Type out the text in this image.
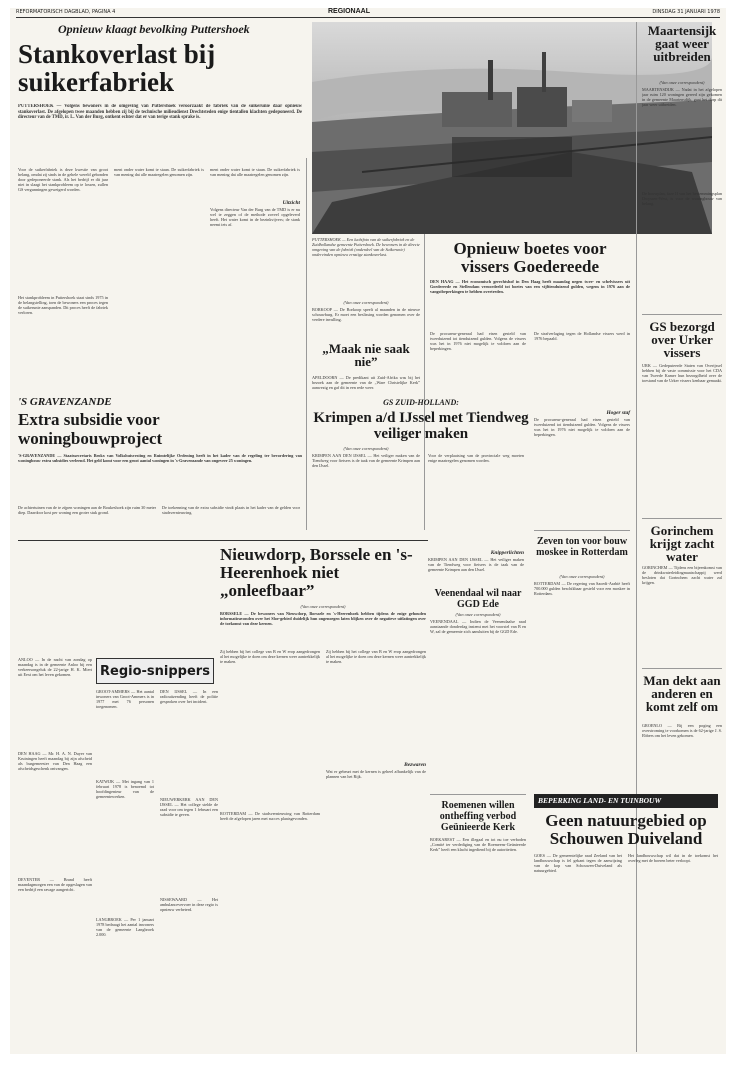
REFORMATORISCH DAGBLAD, PAGINA 4	REGIONAAL	DINSDAG 31 JANUARI 1978
Opnieuw klaagt bevolking Puttershoek
Stankoverlast bij suikerfabriek
PUTTERSHOEK — Volgens bewoners in de omgeving van Puttershoek veroorzaakt de fabriek van de suikerunie daar opnieuw stankoverlast. De afgelopen twee maanden hebben zij bij de technische milieudienst Drechtsteden enige tientallen klachten gedeponeerd. De directeur van de TMD, ir. L. Van der Burg, ontkent echter dat er van terige stank sprake is.
Voor de suikerfabriek is deze kwestie van groot belang, omdat zij sinds in de gehele wereld gebonden door gedeponeerde stank. Als het bedrijf er dit jaar niet in slaagt het stankprobleem op te lossen, zullen GS vergunningen geweigerd worden.
Het stankprobleem in Puttershoek staat sinds 1975 in de belangstelling, toen de bewoners een proces tegen de suikerunie aanspanden. Dit proces heeft de fabriek verloren.
ment onder water komt te staan. De suikerfabriek is van mening dat alle maatregelen genomen zijn.
ment onder water komt te staan. De suikerfabriek is van mening dat alle maatregelen genomen zijn.
Uitzicht
Volgens directeur Van der Burg van de TMD is er nu wel te zeggen of de methode zoveel opgeleverd heeft. Het water komt in de bezinkvijvers; de stank neemt iets af.
„Maak nie saak nie”
APELDOORN — De predikant uit Zuid-Afrika was bij het bezoek aan de gemeente van de „Ware Christelijke Kerk” aanwezig en gaf dit in een rede weer.
PUTTERSHOEK — Een luchtfoto van de suikerfabriek en de Zuidhollandse gemeente Puttershoek. De bewoners in de directe omgeving van de fabriek (onderdeel van de Suikerunie) ondervinden opnieuw ernstige stankoverlast.
(Van onze correspondent)
BORKOOP — De Borkoop speelt al maanden in de nieuwe schouwburg. Er moet een beslissing worden genomen over de verdere invulling.
Opnieuw boetes voor vissers Goedereede
DEN HAAG — Het economisch gerechtshof in Den Haag heeft maandag negen twee- en schelvissers uit Goedereede en Stellendam veroordeeld tot boetes van een vijftienduizend gulden, wegens in 1976 aan de vangstbeperkingen te hebben overtreden.
De procureur-generaal had eisen gesteld van tweeduizend tot tienduizend gulden. Volgens de vissers was het in 1976 niet mogelijk te voldoen aan de beperkingen.
Hoger staf
De strafverlaging tegen de Hollandse vissers werd in 1976 bepaald.
De procureur-generaal had eisen gesteld van tweeduizend tot tienduizend gulden. Volgens de vissers was het in 1976 niet mogelijk te voldoen aan de beperkingen.
Maartensijk gaat weer uitbreiden
(Van onze correspondent)
MAARTENSDIJK — Nadat in het afgelopen jaar ruim 120 woningen gereed zijn gekomen in de gemeente Maartensdijk, gaat het dorp dit jaar weer uitbreiden.
De bouwplan, faze II van het bestemmingsplan Dwyssen-West, is voor de woningbouw van belang.
GS bezorgd over Urker vissers
URK — Gedeputeerde Staten van Overijssel hebben bij de vaste commissie voor het CDA van Tweede Kamer hun bezorgdheid over de toestand van de Urker vissers kenbaar gemaakt.
Gorinchem krijgt zacht water
GORINCHEM — Tijdens een bijeenkomst van de drinkwaterleidingmaatschappij werd besloten dat Gorinchem zacht water zal krijgen.
Man dekt aan anderen en komt zelf om
GROENLO — Bij een poging een overstroming te voorkomen is de 62-jarige J. S. Ebbers om het leven gekomen.
Zeven ton voor bouw moskee in Rotterdam
(Van onze correspondent)
ROTTERDAM — De regering van Saoedi-Arabië heeft 700.000 gulden beschikbaar gesteld voor een moskee in Rotterdam.
'S GRAVENZANDE
Extra subsidie voor woningbouwproject
'S-GRAVENZANDE — Staatssecretaris Brokx van Volkshuisvesting en Ruimtelijke Ordening heeft in het kader van de regeling ter bevordering van woningbouw extra subsidies verleend. Het geld komt voor een groot aantal woningen in 's-Gravenzande van ongeveer 25 woningen.
De achtertuinen van de te zijpen woningen aan de Boukeshoek zijn ruim 30 meter diep. Daardoor kost per woning een groter stuk grond.
De toekenning van de extra subsidie vindt plaats in het kader van de gelden voor stadsvernieuwing.
GS ZUID-HOLLAND:
Krimpen a/d IJssel met Tiendweg veiliger maken
(Van onze correspondent)
KRIMPEN AAN DEN IJSSEL — Het veiliger maken van de Tiendweg voor fietsers is de taak van de gemeente Krimpen aan den IJssel.
Knipperlichten
Voor de verplaatsing van de provinciale weg moeten enige maatregelen genomen worden.
KRIMPEN AAN DEN IJSSEL — Het veiliger maken van de Tiendweg voor fietsers is de taak van de gemeente Krimpen aan den IJssel.
Nieuwdorp, Borssele en 's-Heerenhoek niet „onleefbaar”
(Van onze correspondent)
BORSSELE — De bewoners van Nieuwdorp, Borssele en 's-Heerenhoek hebben tijdens de enige gehouden informatieavonden over het Sloe-gebied duidelijk hun ongenoegen laten blijken over de negatieve uitlatingen over de toekomst van deze kernen.
Zij hebben bij het college van B en W erop aangedrongen al het mogelijke te doen om deze kernen weer aantrekkelijk te maken.
Zij hebben bij het college van B en W erop aangedrongen al het mogelijke te doen om deze kernen weer aantrekkelijk te maken.
Bezwaren
Wat er gebeurt met de kernen is geheel afhankelijk van de plannen van het Rijk.
Veenendaal wil naar GGD Ede
(Van onze correspondent)
VEENENDAAL — Indien de Veenendaalse raad aanstaande donderdag instemt met het voorstel van B en W, zal de gemeente zich aansluiten bij de GGD Ede.
Roemenen willen ontheffing verbod Geünieerde Kerk
BOEKAREST — Een illegaal en tot nu toe verboden „Comité ter verdediging van de Roemeens-Geünieerde Kerk” heeft een klacht ingediend bij de autoriteiten.
Regio-snippers
ANLOO — In de nacht van zondag op maandag is in de gemeente Anloo bij een verkeersongeluk de 22-jarige H. K. Miert uit Eext om het leven gekomen.
DEN HAAG — Mr. H. A. N. Duyer van Kruiningen heeft maandag bij zijn afscheid als burgemeester van Den Haag een afscheidsgeschenk ontvangen.
DEVENTER — Brand heeft maandagmorgen een van de opgeslagen van een bedrijf een ravage aangericht.
GROOT-AMMERS — Het aantal inwoners van Groot-Ammers is in 1977 met 76 personen toegenomen.
KATWIJK — Met ingang van 1 februari 1978 is benoemd tot hoofdingenieur van de gemeentewerken.
LANGBROEK — Per 1 januari 1978 bedraagt het aantal inwoners van de gemeente Langbroek 2.000.
DEN IJSSEL — In een radiouitzending heeft de politie gesproken over het incident.
NIEUWERKERK AAN DEN IJSSEL — Het college stelde de raad voor om tegen 1 februari een subsidie te geven.
NISSEWAARD — Het ambulancevervoer in deze regio is opnieuw verbeterd.
ROTTERDAM — De stadsvernieuwing van Rotterdam heeft de afgelopen jaren met succes plaatsgevonden.
BEPERKING LAND- EN TUINBOUW
Geen natuurgebied op Schouwen Duiveland
GOES — De gemeentelijke raad Zeeland van het landbouwschap is fel gekant tegen de aanwijzing van de kop van Schouwen-Duiveland als natuurgebied.
Het landbouwschap wil dat in de toekomst het overleg met de boeren beter verloopt.
